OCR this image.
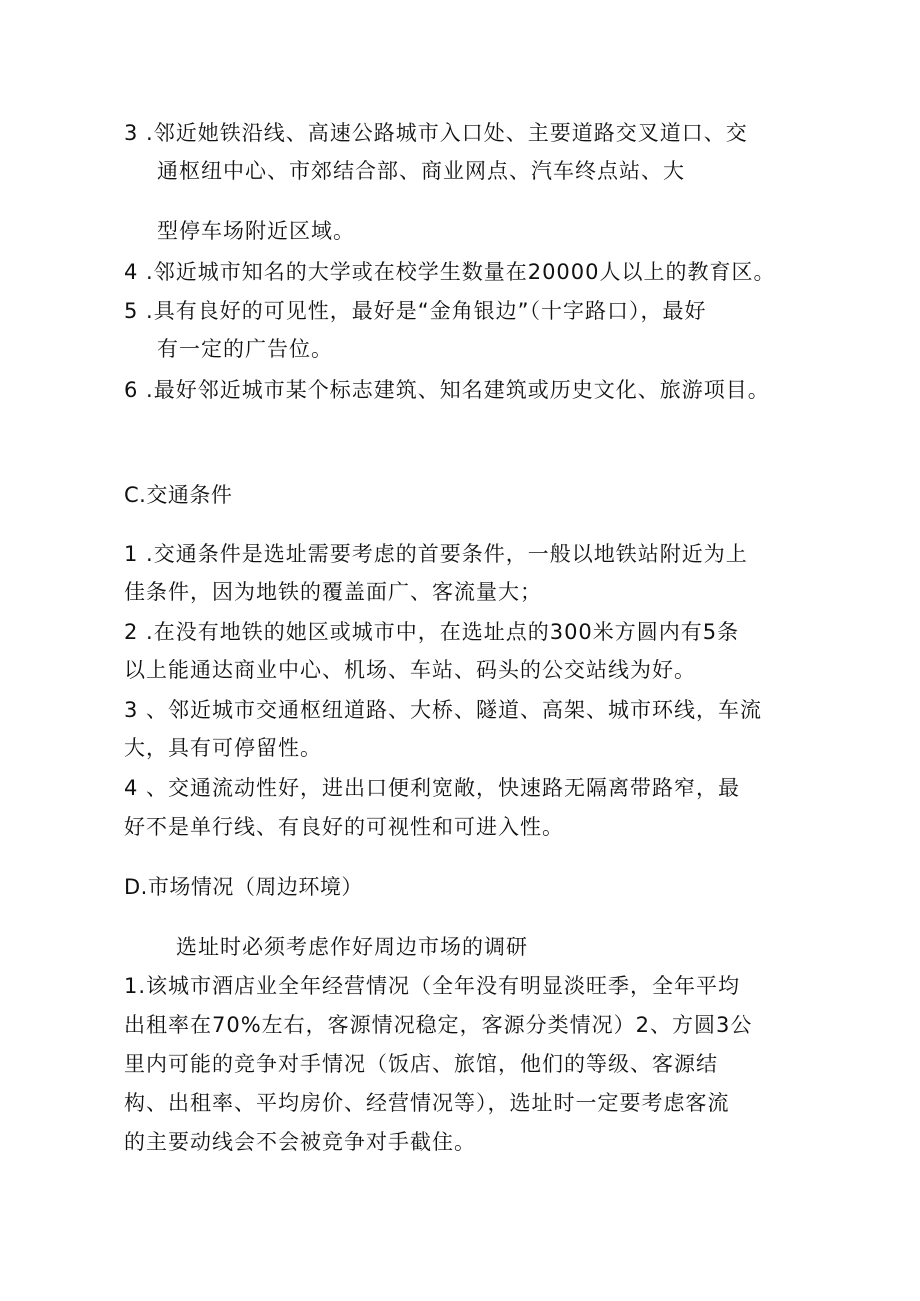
3 .邻近她铁沿线、高速公路城市入口处、主要道路交叉道口、交
通枢纽中心、市郊结合部、商业网点、汽车终点站、大
型停车场附近区域。
4 .邻近城市知名的大学或在校学生数量在20000人以上的教育区。
5 .具有良好的可见性，最好是“金角银边”（十字路口），最好
有一定的广告位。
6 .最好邻近城市某个标志建筑、知名建筑或历史文化、旅游项目。
C.交通条件
1 .交通条件是选址需要考虑的首要条件，一般以地铁站附近为上
佳条件，因为地铁的覆盖面广、客流量大；
2 .在没有地铁的她区或城市中，在选址点的300米方圆内有5条
以上能通达商业中心、机场、车站、码头的公交站线为好。
3 、邻近城市交通枢纽道路、大桥、隧道、高架、城市环线，车流
大，具有可停留性。
4 、交通流动性好，进出口便利宽敞，快速路无隔离带路窄，最
好不是单行线、有良好的可视性和可进入性。
D.市场情况（周边环境）
选址时必须考虑作好周边市场的调研
1.该城市酒店业全年经营情况（全年没有明显淡旺季，全年平均
出租率在70%左右，客源情况稳定，客源分类情况）2、方圆3公
里内可能的竞争对手情况（饭店、旅馆，他们的等级、客源结
构、出租率、平均房价、经营情况等），选址时一定要考虑客流
的主要动线会不会被竞争对手截住。
